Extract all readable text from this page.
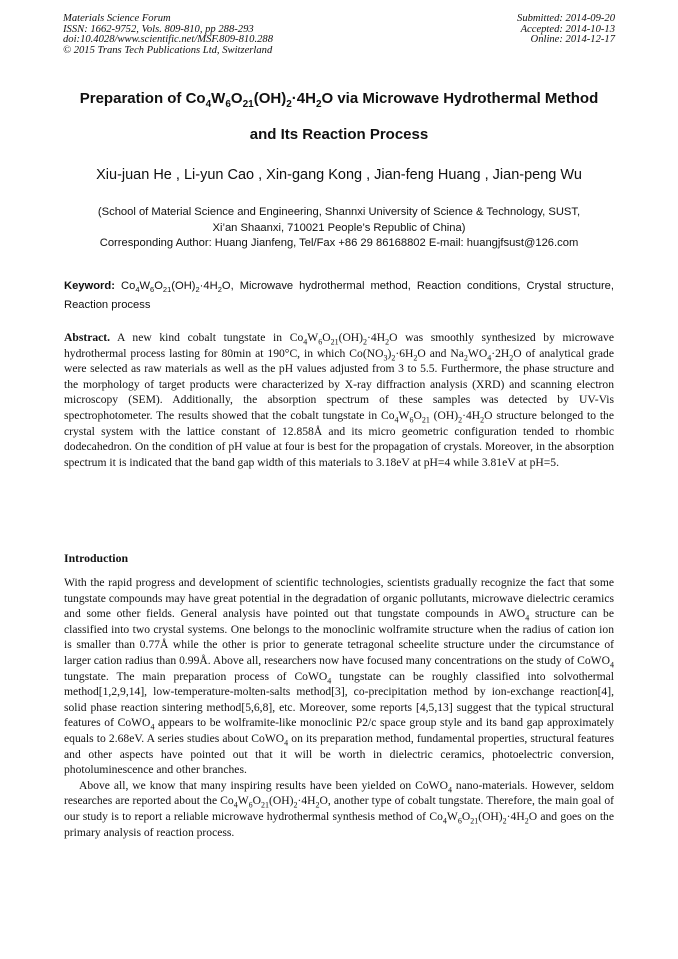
Materials Science Forum
ISSN: 1662-9752, Vols. 809-810, pp 288-293
doi:10.4028/www.scientific.net/MSF.809-810.288
© 2015 Trans Tech Publications Ltd, Switzerland
Submitted: 2014-09-20
Accepted: 2014-10-13
Online: 2014-12-17
Preparation of $Co_4W_6O_{21}(OH)_2\cdot 4H_2O$ via Microwave Hydrothermal Method
and Its Reaction Process
Xiu-juan He , Li-yun Cao , Xin-gang Kong , Jian-feng Huang , Jian-peng Wu
(School of Material Science and Engineering, Shannxi University of Science & Technology, SUST,
Xi’an Shaanxi, 710021 People’s Republic of China)
Corresponding Author: Huang Jianfeng, Tel/Fax +86 29 86168802 E-mail: huangjfsust@126.com
Keyword: $Co_4W_6O_{21}(OH)_2\cdot 4H_2O$, Microwave hydrothermal method, Reaction conditions, Crystal structure, Reaction process
Abstract. A new kind cobalt tungstate in $Co_4W_6O_{21}(OH)_2\cdot 4H_2O$ was smoothly synthesized by microwave hydrothermal process lasting for 80min at 190°C, in which $Co(NO_3)_2\cdot 6H_2O$ and $Na_2WO_4\cdot 2H_2O$ of analytical grade were selected as raw materials as well as the pH values adjusted from 3 to 5.5. Furthermore, the phase structure and the morphology of target products were characterized by X-ray diffraction analysis (XRD) and scanning electron microscopy (SEM). Additionally, the absorption spectrum of these samples was detected by UV-Vis spectrophotometer. The results showed that the cobalt tungstate in $Co_4W_6O_{21}$ $(OH)_2\cdot 4H_2O$ structure belonged to the crystal system with the lattice constant of 12.858Å and its micro geometric configuration tended to rhombic dodecahedron. On the condition of pH value at four is best for the propagation of crystals. Moreover, in the absorption spectrum it is indicated that the band gap width of this materials to 3.18eV at pH=4 while 3.81eV at pH=5.
Introduction

With the rapid progress and development of scientific technologies, scientists gradually recognize the fact that some tungstate compounds may have great potential in the degradation of organic pollutants, microwave dielectric ceramics and some other fields. General analysis have pointed out that tungstate compounds in $AWO_4$ structure can be classified into two crystal systems. One belongs to the monoclinic wolframite structure when the radius of cation ion is smaller than 0.77Å while the other is prior to generate tetragonal scheelite structure under the circumstance of larger cation radius than 0.99Å. Above all, researchers now have focused many concentrations on the study of CoWO$_4$ tungstate. The main preparation process of CoWO$_4$ tungstate can be roughly classified into solvothermal method[1,2,9,14], low-temperature-molten-salts method[3], co-precipitation method by ion-exchange reaction[4], solid phase reaction sintering method[5,6,8], etc. Moreover, some reports [4,5,13] suggest that the typical structural features of CoWO$_4$ appears to be wolframite-like monoclinic P2/c space group style and its band gap approximately equals to 2.68eV. A series studies about CoWO$_4$ on its preparation method, fundamental properties, structural features and other aspects have pointed out that it will be worth in dielectric ceramics, photoelectric conversion, photoluminescence and other branches.

Above all, we know that many inspiring results have been yielded on CoWO$_4$ nano-materials. However, seldom researches are reported about the $Co_4W_6O_{21}(OH)_2\cdot 4H_2O$, another type of cobalt tungstate. Therefore, the main goal of our study is to report a reliable microwave hydrothermal synthesis method of $Co_4W_6O_{21}(OH)_2\cdot 4H_2O$ and goes on the primary analysis of reaction process.
